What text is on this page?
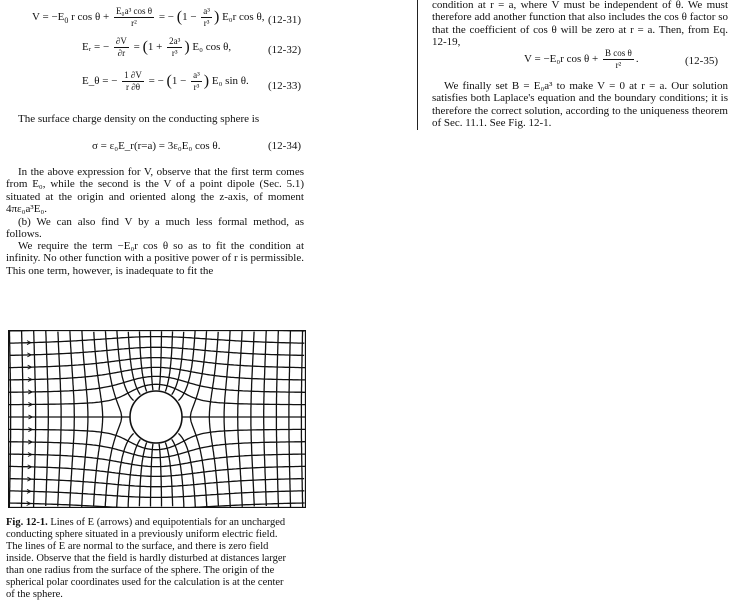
$V = -E_0$ r $\cos \theta + \frac{\text{E₀a³ cos θ}}{\text{r²}}$ = − ($1 - \frac{\text{a³}}{\text{r³}}$ ) E₀r cos θ, (12-31)
Eᵣ = − $\frac{\partial V}{\partial r} = (1 + \frac{\text{2a³}}{\text{r³}}$ ) E₀ cos θ,	(12-32)
E_θ = − $\frac{1 \partial V}{r \partial\theta}$ = − ($1 - \frac{\text{a³}}{\text{r³}}$ ) E₀ sin θ. (12-33)
The surface charge density on the conducting sphere is
σ = ε₀E_r(r=a) = 3ε₀E₀ cos θ.	(12-34)
In the above expression for V, observe that the first term comes from E₀, while the second is the V of a point dipole (Sec. 5.1) situated at the origin and oriented along the z-axis, of moment 4πε₀a³E₀.
(b) We can also find V by a much less formal method, as follows.
We require the term −E₀r cos θ so as to fit the condition at infinity. No other function with a positive power of r is permissible. This one term, however, is inadequate to fit the
condition at r = a, where V must be independent of θ. We must therefore add another function that also includes the cos θ factor so that the coefficient of cos θ will be zero at r = a. Then, from Eq. 12-19,
V = −E₀r $\cos \theta + \frac{\text{B cos θ}}{\text{r²}}$ .	(12-35)
We finally set B = E₀a³ to make V = 0 at r = a. Our solution satisfies both Laplace's equation and the boundary conditions; it is therefore the correct solution, according to the uniqueness theorem of Sec. 11.1. See Fig. 12-1.
Fig. 12-1. Lines of E (arrows) and equipotentials for an uncharged conducting sphere situated in a previously uniform electric field. The lines of E are normal to the surface, and there is zero field inside. Observe that the field is hardly disturbed at distances larger than one radius from the surface of the sphere. The origin of the spherical polar coordinates used for the calculation is at the center of the sphere.
